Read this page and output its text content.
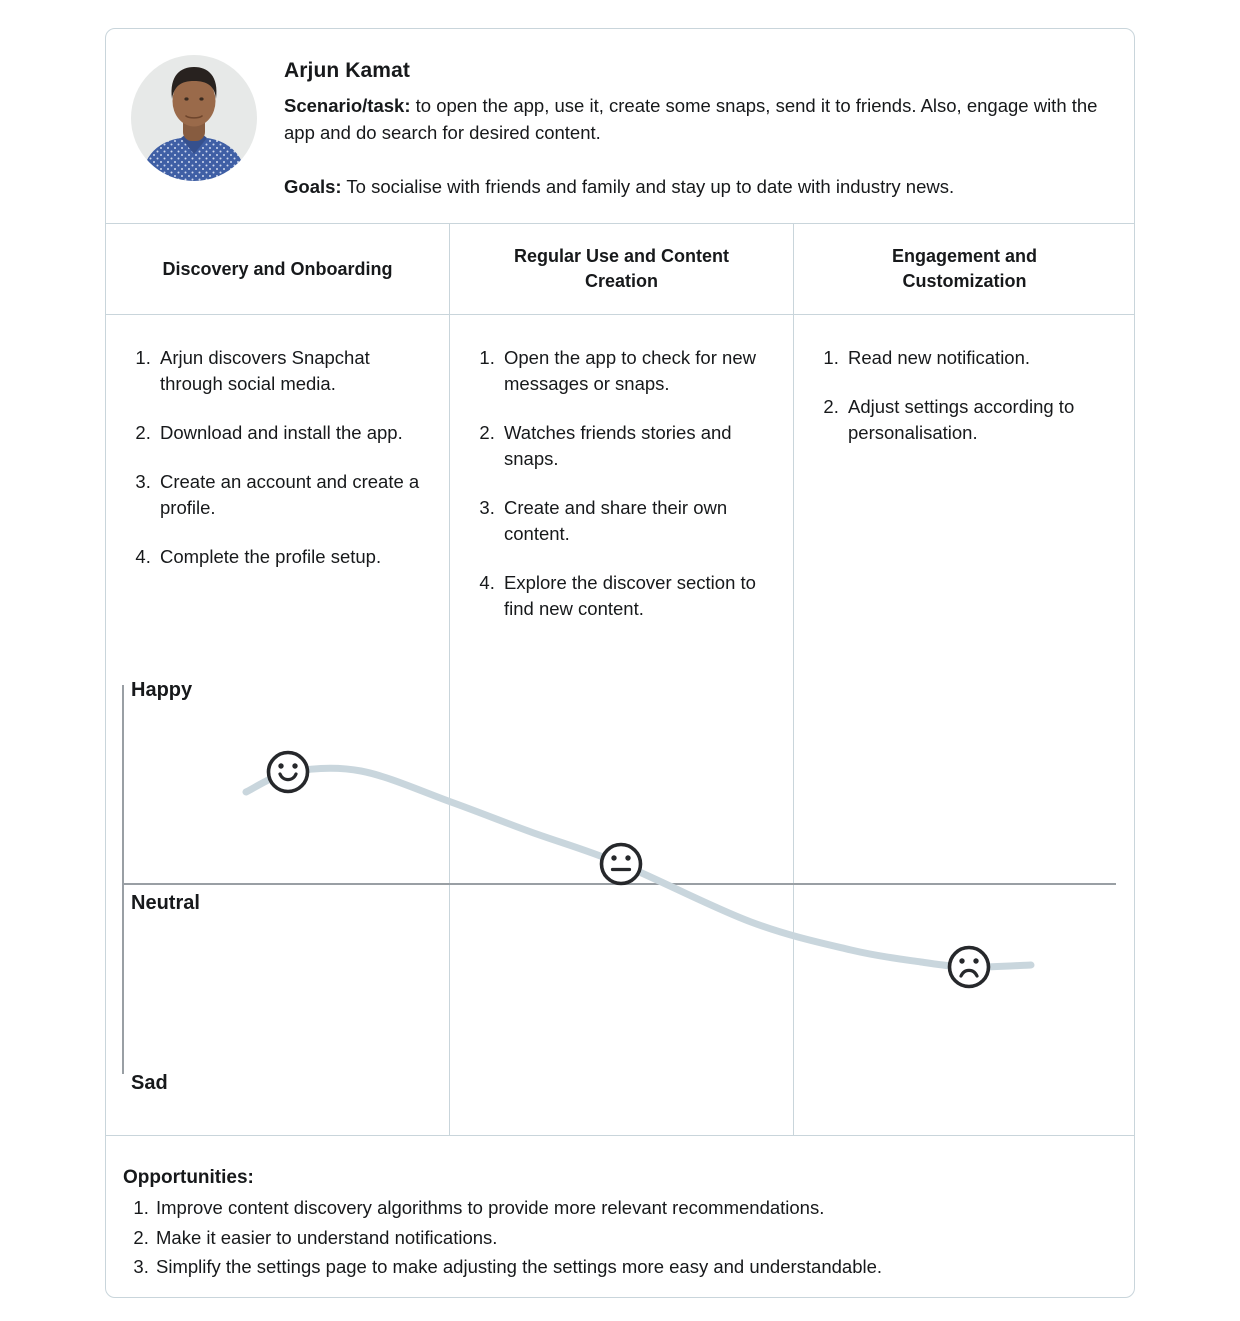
Arjun Kamat
Scenario/task: to open the app, use it, create some snaps, send it to friends. Also, engage with the app and do search for desired content.
Goals: To socialise with friends and family and stay up to date with industry news.
Discovery and Onboarding
Regular Use and Content Creation
Engagement and Customization
1. Arjun discovers Snapchat through social media.
2. Download and install the app.
3. Create an account and create a profile.
4. Complete the profile setup.
1. Open the app to check for new messages or snaps.
2. Watches friends stories and snaps.
3. Create and share their own content.
4. Explore the discover section to find new content.
1. Read new notification.
2. Adjust settings according to personalisation.
Happy
Neutral
Sad
Opportunities:
1. Improve content discovery algorithms to provide more relevant recommendations.
2. Make it easier to understand notifications.
3. Simplify the settings page to make adjusting the settings more easy and understandable.
